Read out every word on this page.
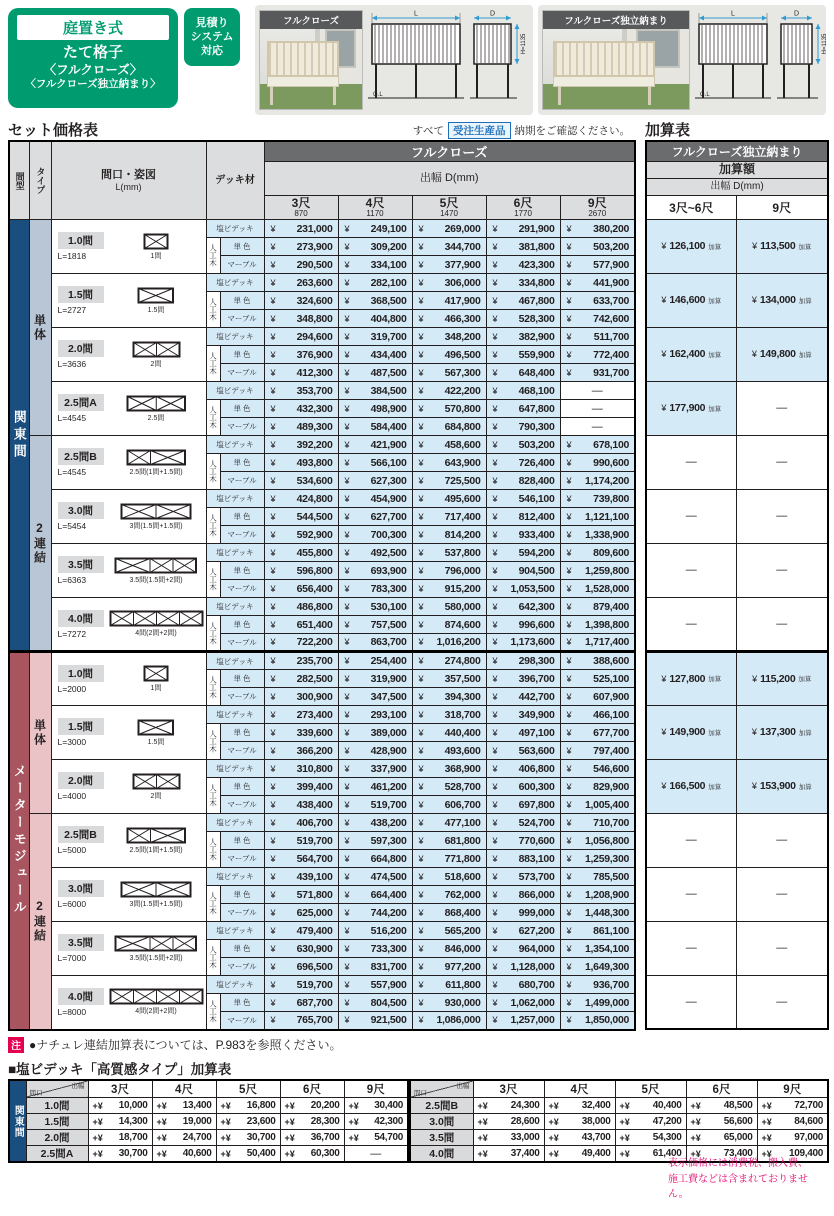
庭置き式
たて格子
〈フルクローズ〉
〈フルクローズ独立納まり〉
見積り
システム
対応
フルクローズ
L
G.L
D
H=1135
フルクローズ独立納まり
L
G.L
D
H=1135
セット価格表	すべて 受注生産品 納期をご確認ください。 加算表
間型	タイプ	間口・姿図
L(mm)	デッキ材		フルクローズ				
					出幅 D(mm)				
					3尺
870	4尺
1170	5尺
1470	6尺
1770	9尺
2670

関東間	単体	
1.0間
L=1818	1間
	塩ビデッキ	¥ 231,000	¥ 249,100	¥ 269,000	¥ 291,900	¥ 380,200

			人工木	単 色	¥ 273,900	¥ 309,200	¥ 344,700	¥ 381,800	¥ 503,200

				マーブル	¥ 290,500	¥ 334,100	¥ 377,900	¥ 423,300	¥ 577,900

1.5間
L=2727	1.5間
	塩ビデッキ	¥ 263,600	¥ 282,100	¥ 306,000	¥ 334,800	¥ 441,900

			人工木	単 色	¥ 324,600	¥ 368,500	¥ 417,900	¥ 467,800	¥ 633,700

				マーブル	¥ 348,800	¥ 404,800	¥ 466,300	¥ 528,300	¥ 742,600

2.0間
L=3636	2間
	塩ビデッキ	¥ 294,600	¥ 319,700	¥ 348,200	¥ 382,900	¥ 511,700

			人工木	単 色	¥ 376,900	¥ 434,400	¥ 496,500	¥ 559,900	¥ 772,400

				マーブル	¥ 412,300	¥ 487,500	¥ 567,300	¥ 648,400	¥ 931,700

2.5間A
L=4545	2.5間
	塩ビデッキ	¥ 353,700	¥ 384,500	¥ 422,200	¥ 468,100	—
			人工木	単 色	¥ 432,300	¥ 498,900	¥ 570,800	¥ 647,800	—
				マーブル	¥ 489,300	¥ 584,400	¥ 684,800	¥ 790,300	—
2連結	
2.5間B
L=4545	2.5間(1間+1.5間)
	塩ビデッキ	¥ 392,200	¥ 421,900	¥ 458,600	¥ 503,200	¥ 678,100

			人工木	単 色	¥ 493,800	¥ 566,100	¥ 643,900	¥ 726,400	¥ 990,600

				マーブル	¥ 534,600	¥ 627,300	¥ 725,500	¥ 828,400	¥ 1,174,200

3.0間
L=5454	3間(1.5間+1.5間)
	塩ビデッキ	¥ 424,800	¥ 454,900	¥ 495,600	¥ 546,100	¥ 739,800

			人工木	単 色	¥ 544,500	¥ 627,700	¥ 717,400	¥ 812,400	¥ 1,121,100

				マーブル	¥ 592,900	¥ 700,300	¥ 814,200	¥ 933,400	¥ 1,338,900

3.5間
L=6363	3.5間(1.5間+2間)
	塩ビデッキ	¥ 455,800	¥ 492,500	¥ 537,800	¥ 594,200	¥ 809,600

			人工木	単 色	¥ 596,800	¥ 693,900	¥ 796,000	¥ 904,500	¥ 1,259,800

				マーブル	¥ 656,400	¥ 783,300	¥ 915,200	¥ 1,053,500	¥ 1,528,000

4.0間
L=7272	4間(2間+2間)
	塩ビデッキ	¥ 486,800	¥ 530,100	¥ 580,000	¥ 642,300	¥ 879,400

			人工木	単 色	¥ 651,400	¥ 757,500	¥ 874,600	¥ 996,600	¥ 1,398,800

				マーブル	¥ 722,200	¥ 863,700	¥ 1,016,200	¥ 1,173,600	¥ 1,717,400

メーターモジュール	単体	
1.0間
L=2000	1間
	塩ビデッキ	¥ 235,700	¥ 254,400	¥ 274,800	¥ 298,300	¥ 388,600

			人工木	単 色	¥ 282,500	¥ 319,900	¥ 357,500	¥ 396,700	¥ 525,100

				マーブル	¥ 300,900	¥ 347,500	¥ 394,300	¥ 442,700	¥ 607,900

1.5間
L=3000	1.5間
	塩ビデッキ	¥ 273,400	¥ 293,100	¥ 318,700	¥ 349,900	¥ 466,100

			人工木	単 色	¥ 339,600	¥ 389,000	¥ 440,400	¥ 497,100	¥ 677,700

				マーブル	¥ 366,200	¥ 428,900	¥ 493,600	¥ 563,600	¥ 797,400

2.0間
L=4000	2間
	塩ビデッキ	¥ 310,800	¥ 337,900	¥ 368,900	¥ 406,800	¥ 546,600

			人工木	単 色	¥ 399,400	¥ 461,200	¥ 528,700	¥ 600,300	¥ 829,900

				マーブル	¥ 438,400	¥ 519,700	¥ 606,700	¥ 697,800	¥ 1,005,400

2連結	
2.5間B
L=5000	2.5間(1間+1.5間)
	塩ビデッキ	¥ 406,700	¥ 438,200	¥ 477,100	¥ 524,700	¥ 710,700

			人工木	単 色	¥ 519,700	¥ 597,300	¥ 681,800	¥ 770,600	¥ 1,056,800

				マーブル	¥ 564,700	¥ 664,800	¥ 771,800	¥ 883,100	¥ 1,259,300

3.0間
L=6000	3間(1.5間+1.5間)
	塩ビデッキ	¥ 439,100	¥ 474,500	¥ 518,600	¥ 573,700	¥ 785,500

			人工木	単 色	¥ 571,800	¥ 664,400	¥ 762,000	¥ 866,000	¥ 1,208,900

				マーブル	¥ 625,000	¥ 744,200	¥ 868,400	¥ 999,000	¥ 1,448,300

3.5間
L=7000	3.5間(1.5間+2間)
	塩ビデッキ	¥ 479,400	¥ 516,200	¥ 565,200	¥ 627,200	¥ 861,100

			人工木	単 色	¥ 630,900	¥ 733,300	¥ 846,000	¥ 964,000	¥ 1,354,100

				マーブル	¥ 696,500	¥ 831,700	¥ 977,200	¥ 1,128,000	¥ 1,649,300

4.0間
L=8000	4間(2間+2間)
	塩ビデッキ	¥ 519,700	¥ 557,900	¥ 611,800	¥ 680,700	¥ 936,700

			人工木	単 色	¥ 687,700	¥ 804,500	¥ 930,000	¥ 1,062,000	¥ 1,499,000

				マーブル	¥ 765,700	¥ 921,500	¥ 1,086,000	¥ 1,257,000	¥ 1,850,000
フルクローズ独立納まり	
加算額	
出幅 D(mm)	
3尺~6尺	9尺

¥ 126,100 加算	¥ 113,500 加算

¥ 146,600 加算	¥ 134,000 加算

¥ 162,400 加算	¥ 149,800 加算

¥ 177,900 加算	—
—	—
—	—
—	—
—	—

¥ 127,800 加算	¥ 115,200 加算

¥ 149,900 加算	¥ 137,300 加算

¥ 166,500 加算	¥ 153,900 加算

—	—
—	—
—	—
—	—
注 ●ナチュレ連結加算表については、P.983を参照ください。
■塩ビデッキ「高質感タイプ」加算表
関東間	間口
出幅	3尺	4尺	5尺	6尺	9尺
	1.0間	+¥ 10,000	+¥ 13,400	+¥ 16,800	+¥ 20,200	+¥ 30,400

	1.5間	+¥ 14,300	+¥ 19,000	+¥ 23,600	+¥ 28,300	+¥ 42,300

	2.0間	+¥ 18,700	+¥ 24,700	+¥ 30,700	+¥ 36,700	+¥ 54,700

	2.5間A	+¥ 30,700	+¥ 40,600	+¥ 50,400	+¥ 60,300	—
間口
出幅	3尺	4尺	5尺	6尺	9尺
2.5間B	+¥ 24,300	+¥ 32,400	+¥ 40,400	+¥ 48,500	+¥ 72,700

3.0間	+¥ 28,600	+¥ 38,000	+¥ 47,200	+¥ 56,600	+¥ 84,600

3.5間	+¥ 33,000	+¥ 43,700	+¥ 54,300	+¥ 65,000	+¥ 97,000

4.0間	+¥ 37,400	+¥ 49,400	+¥ 61,400	+¥ 73,400	+¥ 109,400
表示価格には消費税、搬入費、
施工費などは含まれておりません。
